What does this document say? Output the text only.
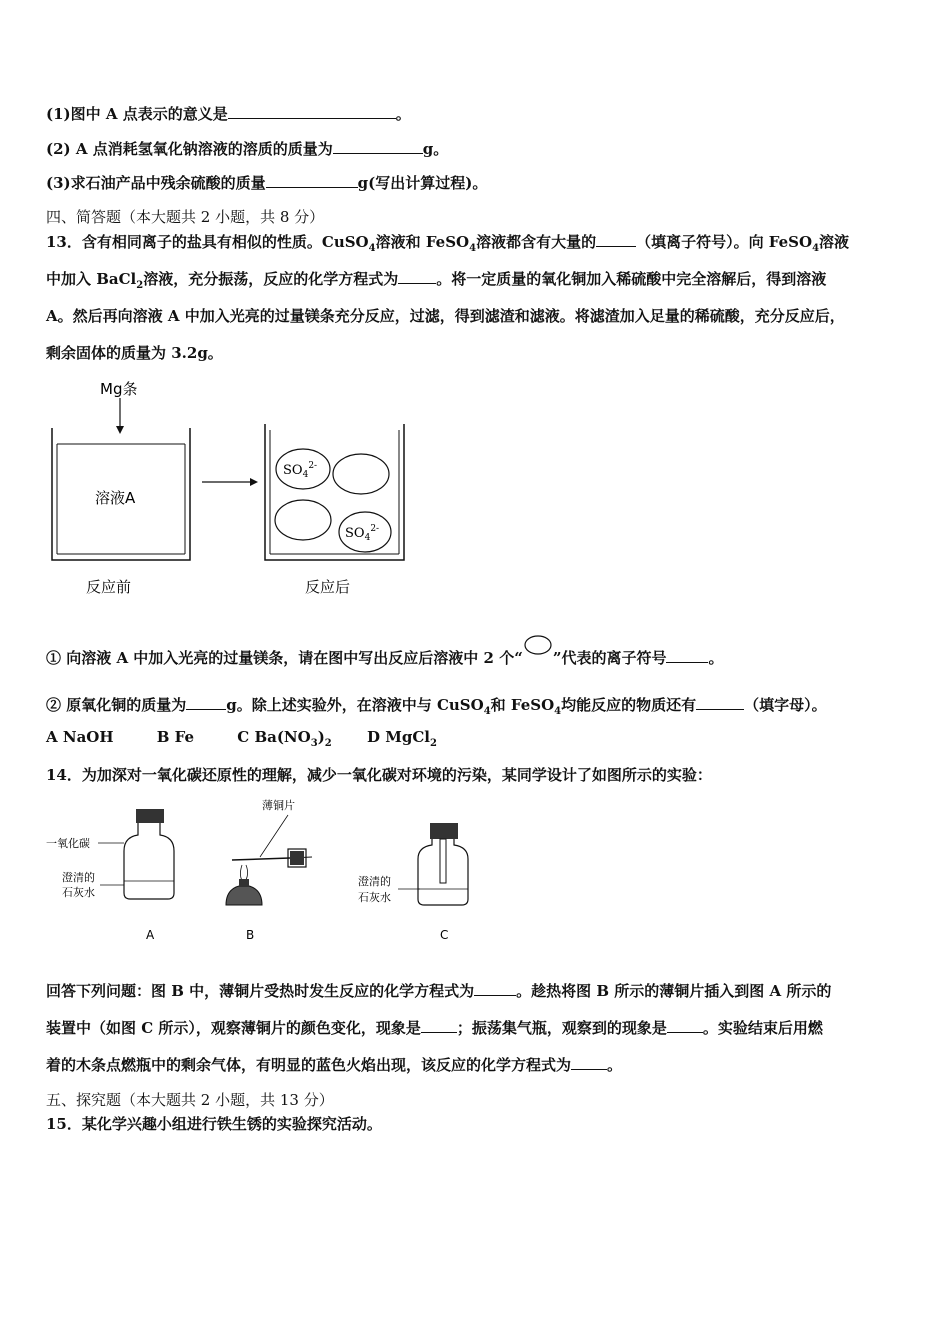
(1)图中 A 点表示的意义是	。
(2) A 点消耗氢氧化钠溶液的溶质的质量为	g。
(3)求石油产品中残余硫酸的质量	g(写出计算过程)。
四、简答题（本大题共 2 小题，共 8 分）
13．含有相同离子的盐具有相似的性质。CuSO$_4$溶液和 FeSO$_4$溶液都含有大量的	（填离子符号）。向 FeSO$_4$溶液
中加入 BaCl$_2$溶液，充分振荡，反应的化学方程式为	。将一定质量的氧化铜加入稀硫酸中完全溶解后，得到溶液
A。然后再向溶液 A 中加入光亮的过量镁条充分反应，过滤，得到滤渣和滤液。将滤渣加入足量的稀硫酸，充分反应后，
剩余固体的质量为 3.2g。
Mg条
溶液A
$SO_4^{2-}$
$SO_4^{2-}$
反应前	反应后
① 向溶液 A 中加入光亮的过量镁条，请在图中写出反应后溶液中 2 个“ ”代表的离子符号	。
② 原氧化铜的质量为	g。除上述实验外，在溶液中与 CuSO$_4$和 FeSO$_4$均能反应的物质还有	（填字母）。
A NaOH	B Fe	C $Ba(NO_3)_2$ D MgCl$_2$
14．为加深对一氧化碳还原性的理解，减少一氧化碳对环境的污染，某同学设计了如图所示的实验：
一氧化碳
澄清的
石灰水
A
薄铜片
B
澄清的
石灰水
C
回答下列问题：图 B 中，薄铜片受热时发生反应的化学方程式为	。趁热将图 B 所示的薄铜片插入到图 A 所示的
装置中（如图 C 所示），观察薄铜片的颜色变化，现象是 ；振荡集气瓶，观察到的现象是 。实验结束后用燃
着的木条点燃瓶中的剩余气体，有明显的蓝色火焰出现，该反应的化学方程式为 。
五、探究题（本大题共 2 小题，共 13 分）
15．某化学兴趣小组进行铁生锈的实验探究活动。
